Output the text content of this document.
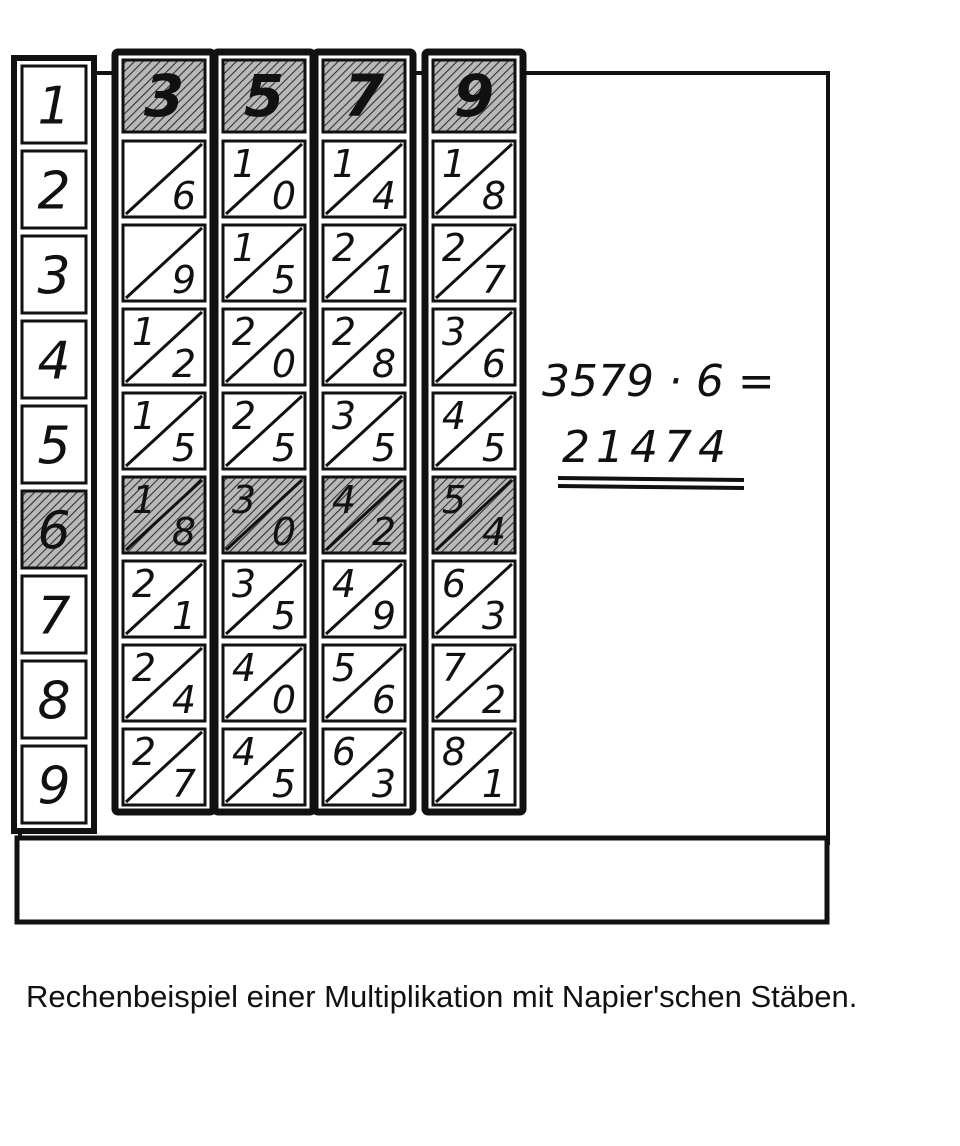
1
2
3
4
5
6
7
8
9
3
6
9
1
2
1
5
1
8
2
1
2
4
2
7
5
1
0
1
5
2
0
2
5
3
0
3
5
4
0
4
5
7
1
4
2
1
2
8
3
5
4
2
4
9
5
6
6
3
9
1
8
2
7
3
6
4
5
5
4
6
3
7
2
8
1
3579 · 6 =
21474
Rechenbeispiel einer Multiplikation mit Napier'schen Stäben.
